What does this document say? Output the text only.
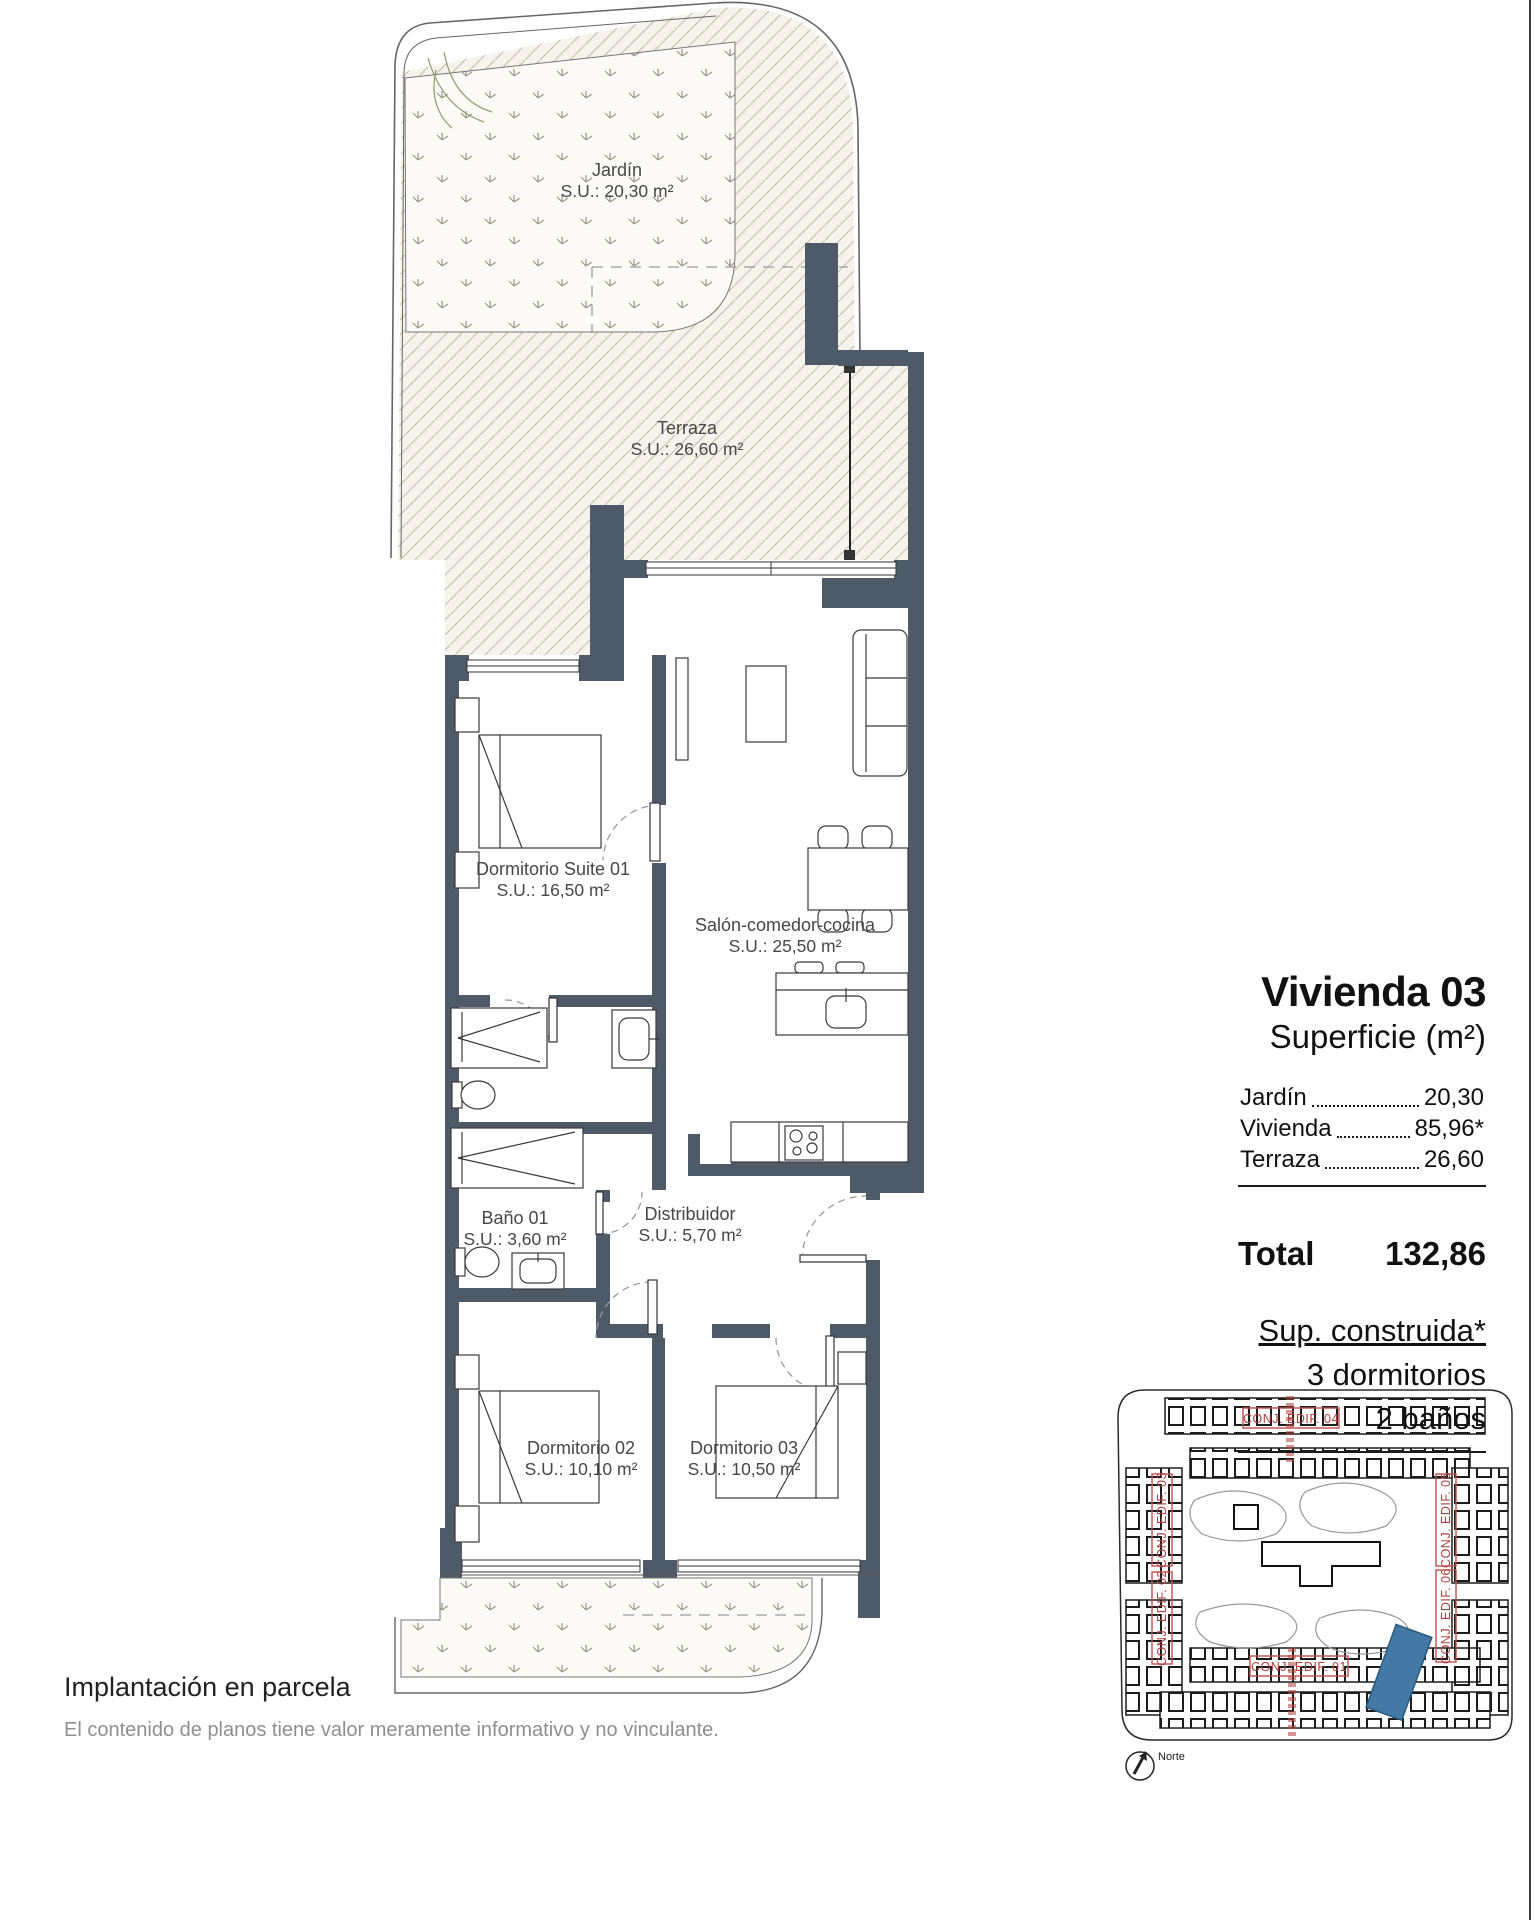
Jardín
S.U.: 20,30 m²
Terraza
S.U.: 26,60 m²
Dormitorio Suite 01
S.U.: 16,50 m²
Salón-comedor-cocina
S.U.: 25,50 m²
Baño 01
S.U.: 3,60 m²
Distribuidor
S.U.: 5,70 m²
Dormitorio 02
S.U.: 10,10 m²
Dormitorio 03
S.U.: 10,50 m²
CONJ. EDIF. 04
CONJ. EDIF. 01
CONJ. EDIF. 03
CONJ. EDIF. 02
CONJ. EDIF. 05
CONJ. EDIF. 06
Norte
Vivienda 03
Superficie (m²)
Jardín	20,30
Vivienda	85,96*
Terraza	26,60
Total 132,86
Sup. construida*
3 dormitorios
2 baños
Implantación en parcela
El contenido de planos tiene valor meramente informativo y no vinculante.
